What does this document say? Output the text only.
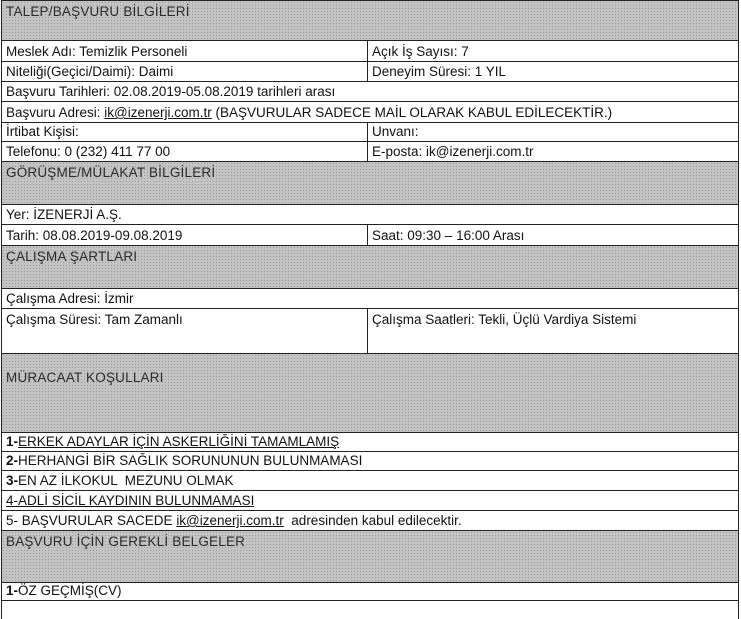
TALEP/BAŞVURU BİLGİLERİ
Meslek Adı: Temizlik Personeli	Açık İş Sayısı: 7
Niteliği(Geçici/Daimi): Daimi	Deneyim Süresi: 1 YIL
Başvuru Tarihleri: 02.08.2019-05.08.2019 tarihleri arası
Başvuru Adresi: ik@izenerji.com.tr (BAŞVURULAR SADECE MAİL OLARAK KABUL EDİLECEKTİR.)
İrtibat Kişisi:	Unvanı:
Telefonu: 0 (232) 411 77 00	E-posta: ik@izenerji.com.tr
GÖRÜŞME/MÜLAKAT BİLGİLERİ
Yer: İZENERJİ A.Ş.
Tarih: 08.08.2019-09.08.2019	Saat: 09:30 – 16:00 Arası
ÇALIŞMA ŞARTLARI
Çalışma Adresi: İzmir
Çalışma Süresi: Tam Zamanlı	Çalışma Saatleri: Tekli, Üçlü Vardiya Sistemi
MÜRACAAT KOŞULLARI
1-ERKEK ADAYLAR İÇİN ASKERLİĞİNİ TAMAMLAMIŞ
2-HERHANGİ BİR SAĞLIK SORUNUNUN BULUNMAMASI
3-EN AZ İLKOKUL  MEZUNU OLMAK
4-ADLİ SİCİL KAYDININ BULUNMAMASI
5- BAŞVURULAR SACEDE ik@izenerji.com.tr  adresinden kabul edilecektir.
BAŞVURU İÇİN GEREKLİ BELGELER
1-ÖZ GEÇMİŞ(CV)
